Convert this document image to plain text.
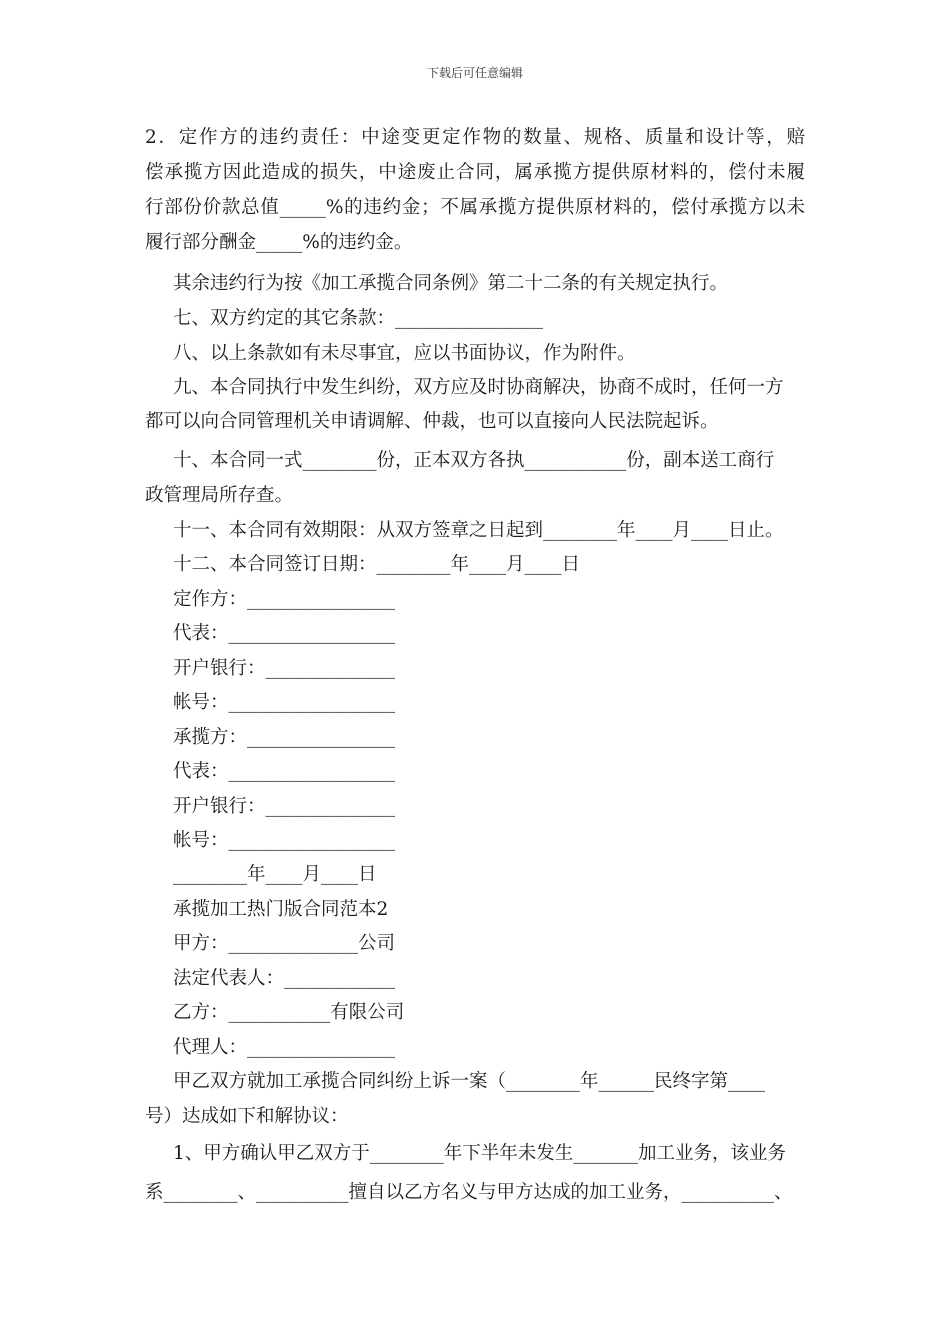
下载后可任意编辑
2．定作方的违约责任：中途变更定作物的数量、规格、质量和设计等，赔
偿承揽方因此造成的损失，中途废止合同，属承揽方提供原材料的，偿付未履
行部份价款总值_____%的违约金；不属承揽方提供原材料的，偿付承揽方以未
履行部分酬金_____%的违约金。
其余违约行为按《加工承揽合同条例》第二十二条的有关规定执行。
七、双方约定的其它条款：________________
八、以上条款如有未尽事宜，应以书面协议，作为附件。
九、本合同执行中发生纠纷，双方应及时协商解决，协商不成时，任何一方
都可以向合同管理机关申请调解、仲裁，也可以直接向人民法院起诉。
十、本合同一式________份，正本双方各执___________份，副本送工商行
政管理局所存查。
十一、本合同有效期限：从双方签章之日起到________年____月____日止。
十二、本合同签订日期：________年____月____日
定作方：________________
代表：__________________
开户银行：______________
帐号：__________________
承揽方：________________
代表：__________________
开户银行：______________
帐号：__________________
________年____月____日
承揽加工热门版合同范本2
甲方：______________公司
法定代表人：____________
乙方：___________有限公司
代理人：________________
甲乙双方就加工承揽合同纠纷上诉一案（________年______民终字第____
号）达成如下和解协议：
1、甲方确认甲乙双方于________年下半年未发生_______加工业务，该业务
系________、__________擅自以乙方名义与甲方达成的加工业务，__________、
